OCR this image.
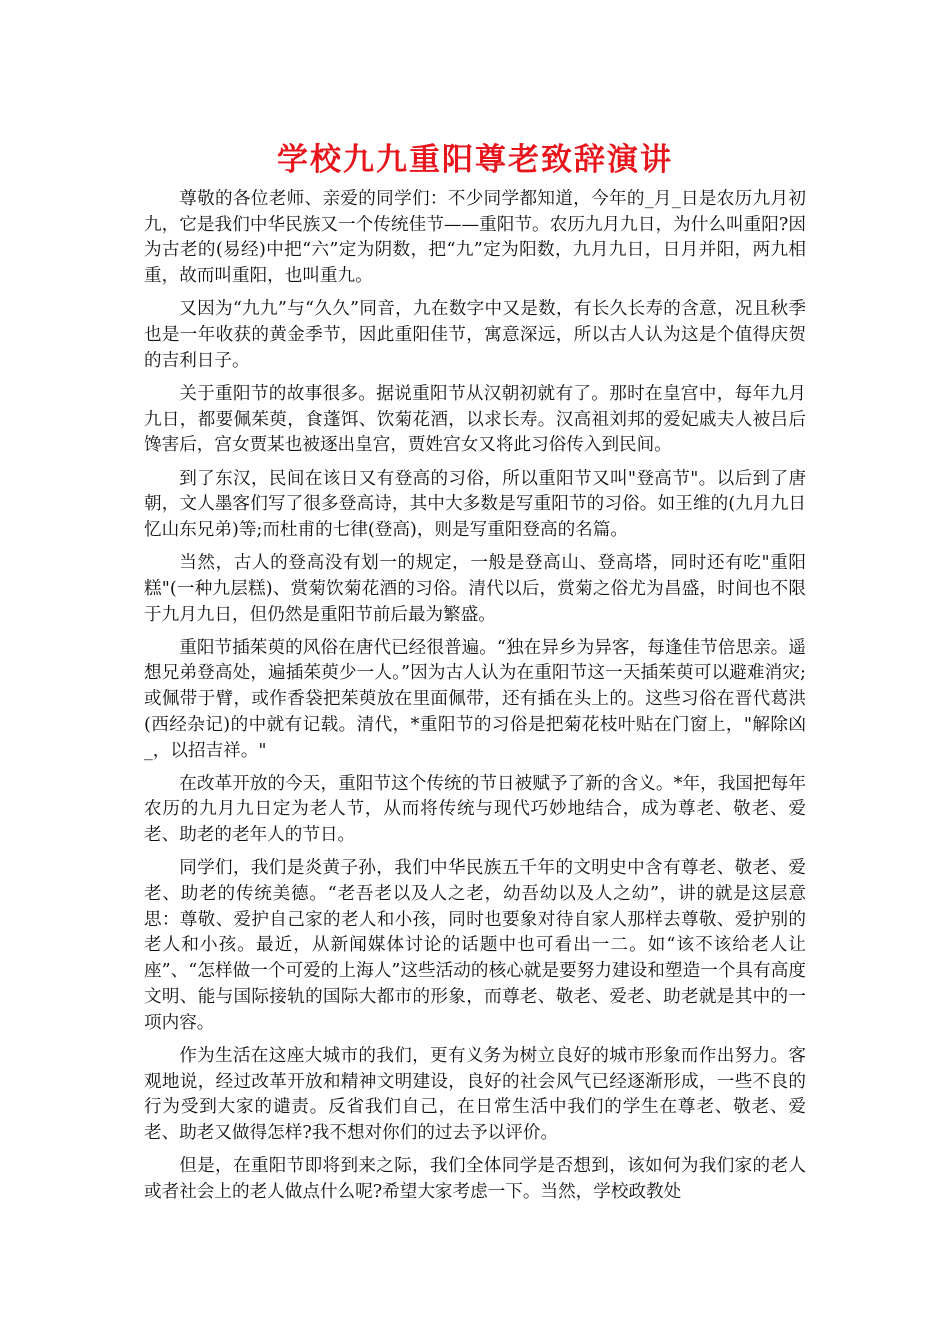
学校九九重阳尊老致辞演讲

尊敬的各位老师、亲爱的同学们：不少同学都知道，今年的_月_日是农历九月初九，它是我们中华民族又一个传统佳节——重阳节。农历九月九日，为什么叫重阳?因为古老的(易经)中把“六”定为阴数，把“九”定为阳数，九月九日，日月并阳，两九相重，故而叫重阳，也叫重九。

又因为“九九”与“久久”同音，九在数字中又是数，有长久长寿的含意，况且秋季也是一年收获的黄金季节，因此重阳佳节，寓意深远，所以古人认为这是个值得庆贺的吉利日子。

关于重阳节的故事很多。据说重阳节从汉朝初就有了。那时在皇宫中，每年九月九日，都要佩茱萸，食蓬饵、饮菊花酒，以求长寿。汉高祖刘邦的爱妃戚夫人被吕后馋害后，宫女贾某也被逐出皇宫，贾姓宫女又将此习俗传入到民间。

到了东汉，民间在该日又有登高的习俗，所以重阳节又叫"登高节"。以后到了唐朝，文人墨客们写了很多登高诗，其中大多数是写重阳节的习俗。如王维的(九月九日忆山东兄弟)等;而杜甫的七律(登高)，则是写重阳登高的名篇。

当然，古人的登高没有划一的规定，一般是登高山、登高塔，同时还有吃"重阳糕"(一种九层糕)、赏菊饮菊花酒的习俗。清代以后，赏菊之俗尤为昌盛，时间也不限于九月九日，但仍然是重阳节前后最为繁盛。

重阳节插茱萸的风俗在唐代已经很普遍。“独在异乡为异客，每逢佳节倍思亲。遥想兄弟登高处，遍插茱萸少一人。”因为古人认为在重阳节这一天插茱萸可以避难消灾;或佩带于臂，或作香袋把茱萸放在里面佩带，还有插在头上的。这些习俗在晋代葛洪(西经杂记)的中就有记载。清代，*重阳节的习俗是把菊花枝叶贴在门窗上，"解除凶_，以招吉祥。"

在改革开放的今天，重阳节这个传统的节日被赋予了新的含义。*年，我国把每年农历的九月九日定为老人节，从而将传统与现代巧妙地结合，成为尊老、敬老、爱老、助老的老年人的节日。

同学们，我们是炎黄子孙，我们中华民族五千年的文明史中含有尊老、敬老、爱老、助老的传统美德。“老吾老以及人之老，幼吾幼以及人之幼”，讲的就是这层意思：尊敬、爱护自己家的老人和小孩，同时也要象对待自家人那样去尊敬、爱护别的老人和小孩。最近，从新闻媒体讨论的话题中也可看出一二。如“该不该给老人让座”、“怎样做一个可爱的上海人”这些活动的核心就是要努力建设和塑造一个具有高度文明、能与国际接轨的国际大都市的形象，而尊老、敬老、爱老、助老就是其中的一项内容。

作为生活在这座大城市的我们，更有义务为树立良好的城市形象而作出努力。客观地说，经过改革开放和精神文明建设，良好的社会风气已经逐渐形成，一些不良的行为受到大家的谴责。反省我们自己，在日常生活中我们的学生在尊老、敬老、爱老、助老又做得怎样?我不想对你们的过去予以评价。

但是，在重阳节即将到来之际，我们全体同学是否想到，该如何为我们家的老人或者社会上的老人做点什么呢?希望大家考虑一下。当然，学校政教处
